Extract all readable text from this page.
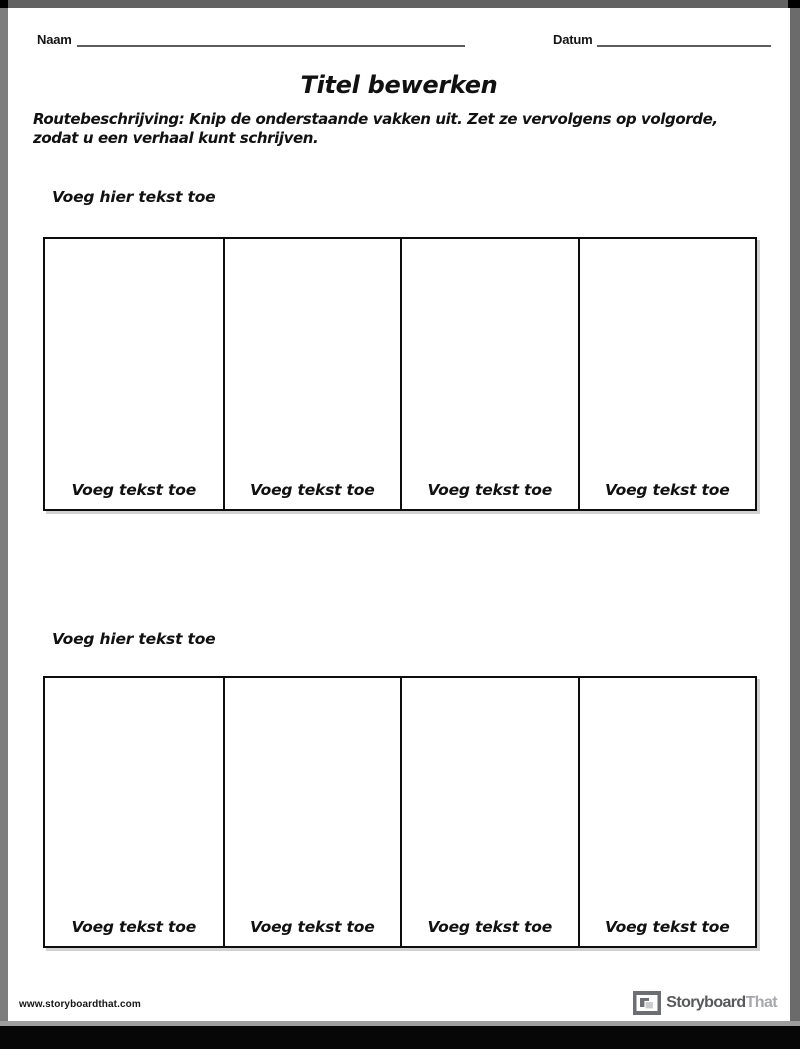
Naam	Datum
Titel bewerken
Routebeschrijving: Knip de onderstaande vakken uit. Zet ze vervolgens op volgorde, zodat u een verhaal kunt schrijven.
Voeg hier tekst toe
Voeg tekst toe	Voeg tekst toe	Voeg tekst toe	Voeg tekst toe
Voeg hier tekst toe
Voeg tekst toe	Voeg tekst toe	Voeg tekst toe	Voeg tekst toe
www.storyboardthat.com	StoryboardThat
